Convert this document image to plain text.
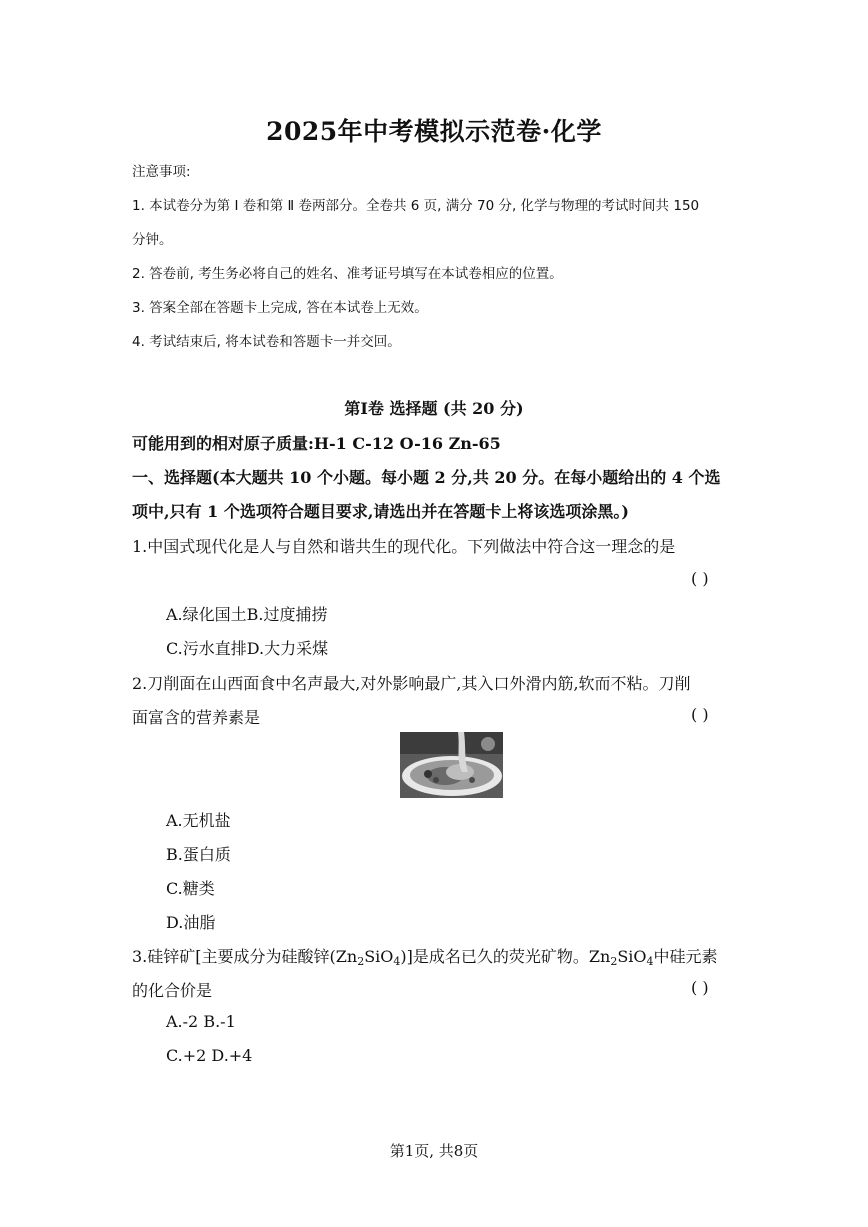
2025年中考模拟示范卷·化学
注意事项:
1. 本试卷分为第 Ⅰ 卷和第 Ⅱ 卷两部分。全卷共 6 页, 满分 70 分, 化学与物理的考试时间共 150
分钟。
2. 答卷前, 考生务必将自己的姓名、准考证号填写在本试卷相应的位置。
3. 答案全部在答题卡上完成, 答在本试卷上无效。
4. 考试结束后, 将本试卷和答题卡一并交回。
第Ⅰ卷 选择题 (共 20 分)
可能用到的相对原子质量:H-1 C-12 O-16 Zn-65
一、选择题(本大题共 10 个小题。每小题 2 分,共 20 分。在每小题给出的 4 个选
项中,只有 1 个选项符合题目要求,请选出并在答题卡上将该选项涂黑。)
1.中国式现代化是人与自然和谐共生的现代化。下列做法中符合这一理念的是
( )
A.绿化国土B.过度捕捞
C.污水直排D.大力采煤
2.刀削面在山西面食中名声最大,对外影响最广,其入口外滑内筋,软而不粘。刀削
面富含的营养素是	( )
A.无机盐
B.蛋白质
C.糖类
D.油脂
3.硅锌矿[主要成分为硅酸锌$(Zn_2SiO_4)$]是成名已久的荧光矿物。$Zn_2SiO_4$中硅元素
的化合价是	( )
A.-2 B.-1
C.+2 D.+4
第1页, 共8页
